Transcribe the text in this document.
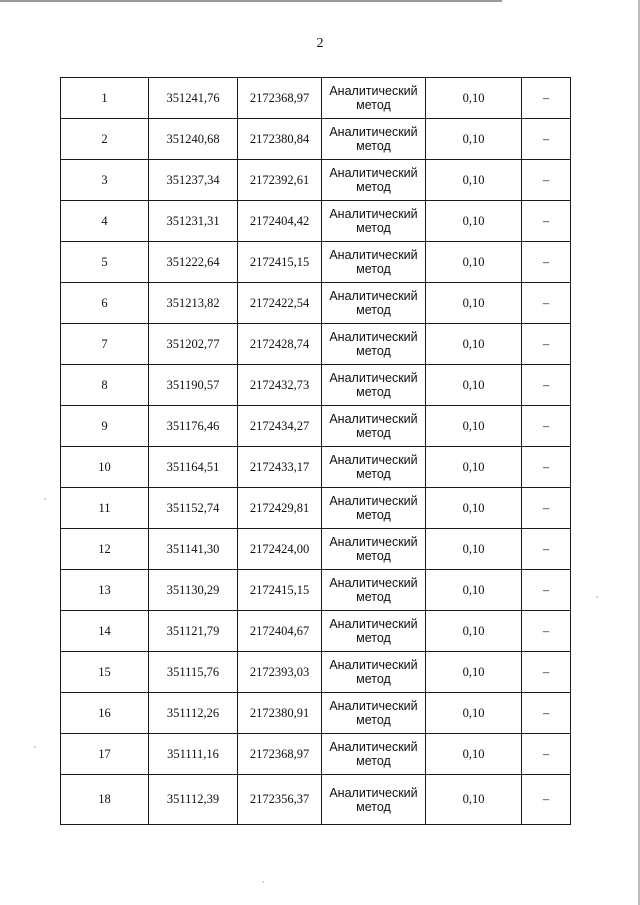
2
1	351241,76	2172368,97	Аналитический
метод	0,10	–
2	351240,68	2172380,84	Аналитический
метод	0,10	–
3	351237,34	2172392,61	Аналитический
метод	0,10	–
4	351231,31	2172404,42	Аналитический
метод	0,10	–
5	351222,64	2172415,15	Аналитический
метод	0,10	–
6	351213,82	2172422,54	Аналитический
метод	0,10	–
7	351202,77	2172428,74	Аналитический
метод	0,10	–
8	351190,57	2172432,73	Аналитический
метод	0,10	–
9	351176,46	2172434,27	Аналитический
метод	0,10	–
10	351164,51	2172433,17	Аналитический
метод	0,10	–
11	351152,74	2172429,81	Аналитический
метод	0,10	–
12	351141,30	2172424,00	Аналитический
метод	0,10	–
13	351130,29	2172415,15	Аналитический
метод	0,10	–
14	351121,79	2172404,67	Аналитический
метод	0,10	–
15	351115,76	2172393,03	Аналитический
метод	0,10	–
16	351112,26	2172380,91	Аналитический
метод	0,10	–
17	351111,16	2172368,97	Аналитический
метод	0,10	–
18	351112,39	2172356,37	Аналитический
метод	0,10	–
